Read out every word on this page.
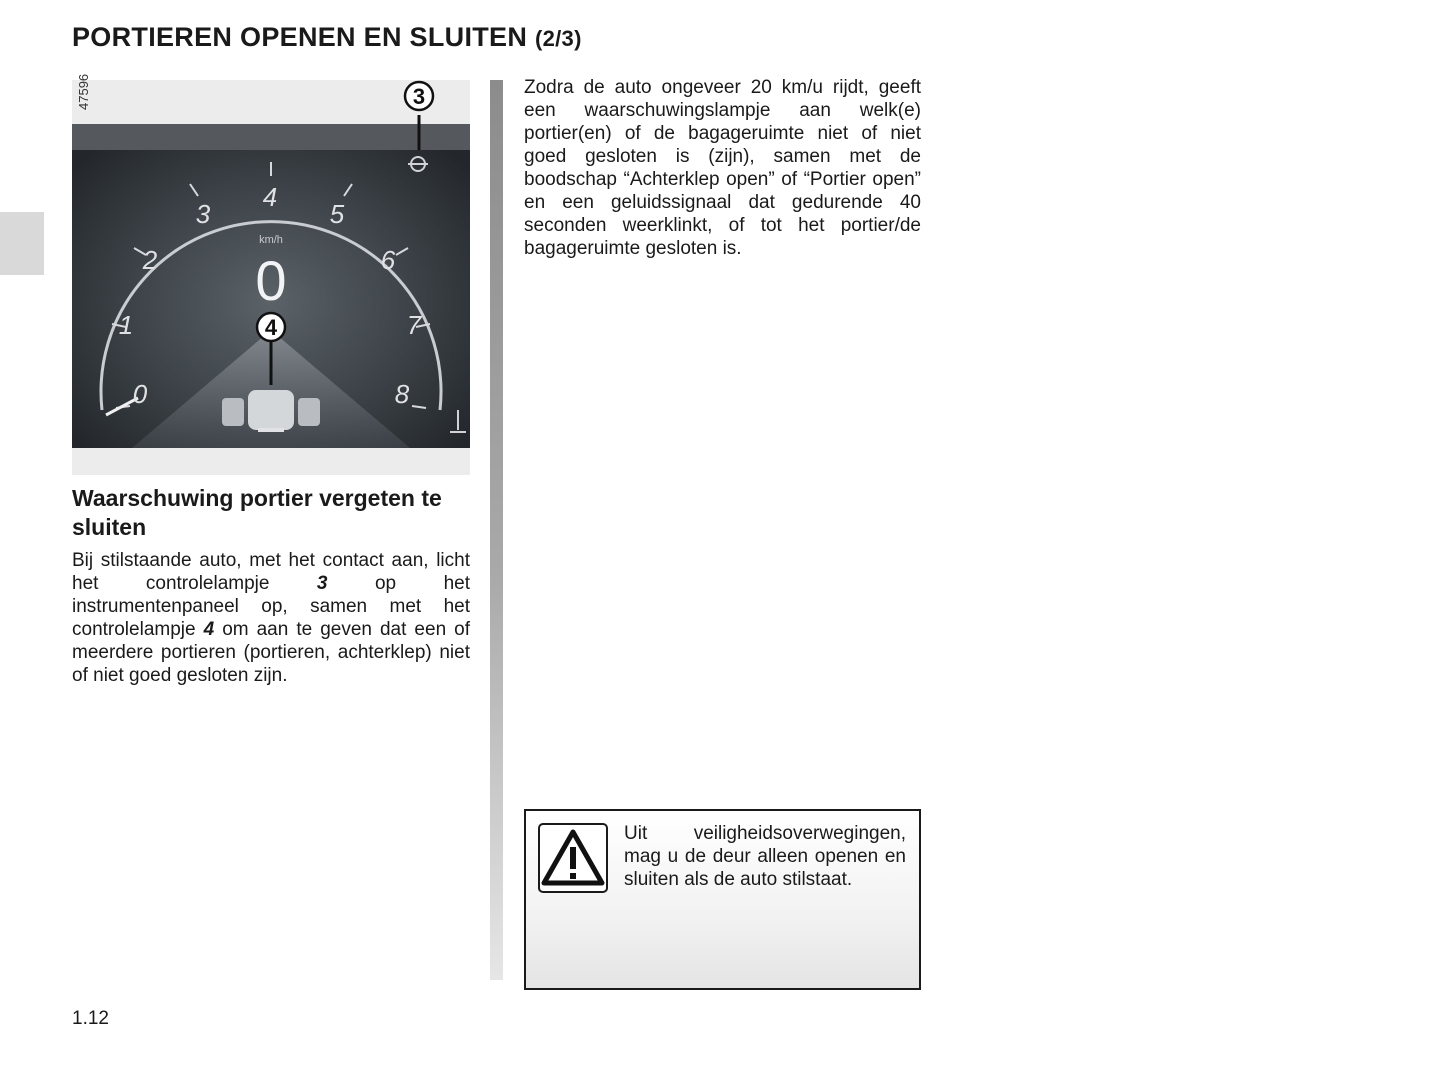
PORTIEREN OPENEN EN SLUITEN (2/3)
0
1
2
3
4
5
6
7
8
km/h
0
3
4
47596
Waarschuwing portier vergeten te sluiten

Bij stilstaande auto, met het contact aan, licht het controlelampje 3 op het instrumentenpaneel op, samen met het controlelampje 4 om aan te geven dat een of meerdere portieren (portieren, achterklep) niet of niet goed gesloten zijn.

Zodra de auto ongeveer 20 km/u rijdt, geeft een waarschuwingslampje aan welk(e) portier(en) of de bagageruimte niet of niet goed gesloten is (zijn), samen met de boodschap “Achterklep open” of “Portier open” en een geluidssignaal dat gedurende 40 seconden weerklinkt, of tot het portier/de bagageruimte gesloten is.

Uit veiligheidsoverwegingen, mag u de deur alleen openen en sluiten als de auto stilstaat.

1.12
